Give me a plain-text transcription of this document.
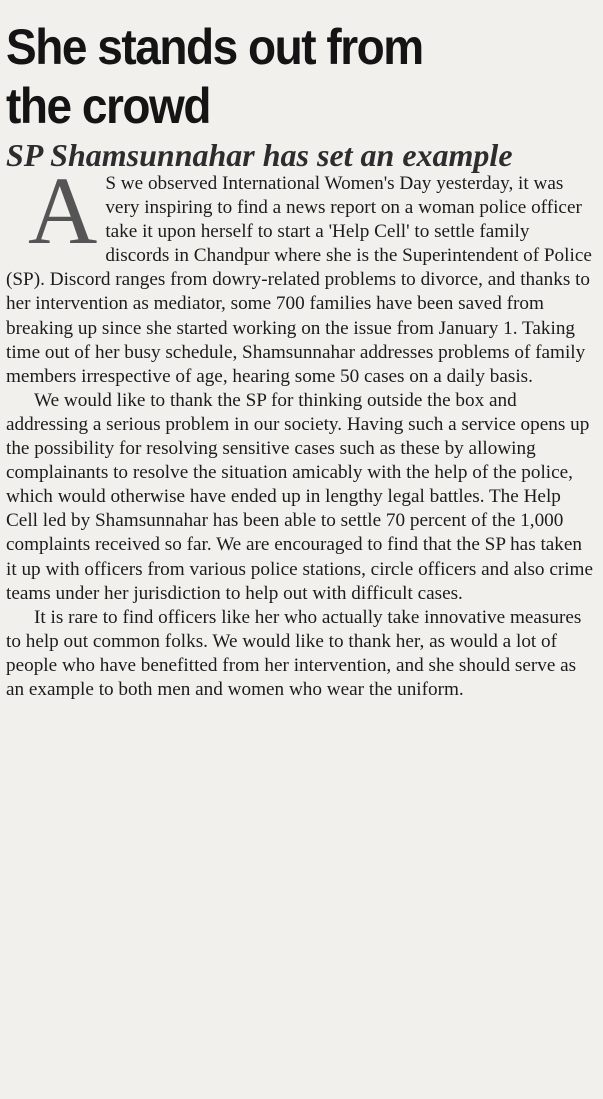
She stands out from
the crowd
SP Shamsunnahar has set an example

A S we observed International Women's Day yesterday, it was very inspiring to find a news report on a woman police officer take it upon herself to start a 'Help Cell' to settle family discords in Chandpur where she is the Superintendent of Police (SP). Discord ranges from dowry-related problems to divorce, and thanks to her intervention as mediator, some 700 families have been saved from breaking up since she started working on the issue from January 1. Taking time out of her busy schedule, Shamsunnahar addresses problems of family members irrespective of age, hearing some 50 cases on a daily basis.

We would like to thank the SP for thinking outside the box and addressing a serious problem in our society. Having such a service opens up the possibility for resolving sensitive cases such as these by allowing complainants to resolve the situation amicably with the help of the police, which would otherwise have ended up in lengthy legal battles. The Help Cell led by Shamsunnahar has been able to settle 70 percent of the 1,000 complaints received so far. We are encouraged to find that the SP has taken it up with officers from various police stations, circle officers and also crime teams under her jurisdiction to help out with difficult cases.

It is rare to find officers like her who actually take innovative measures to help out common folks. We would like to thank her, as would a lot of people who have benefitted from her intervention, and she should serve as an example to both men and women who wear the uniform.
